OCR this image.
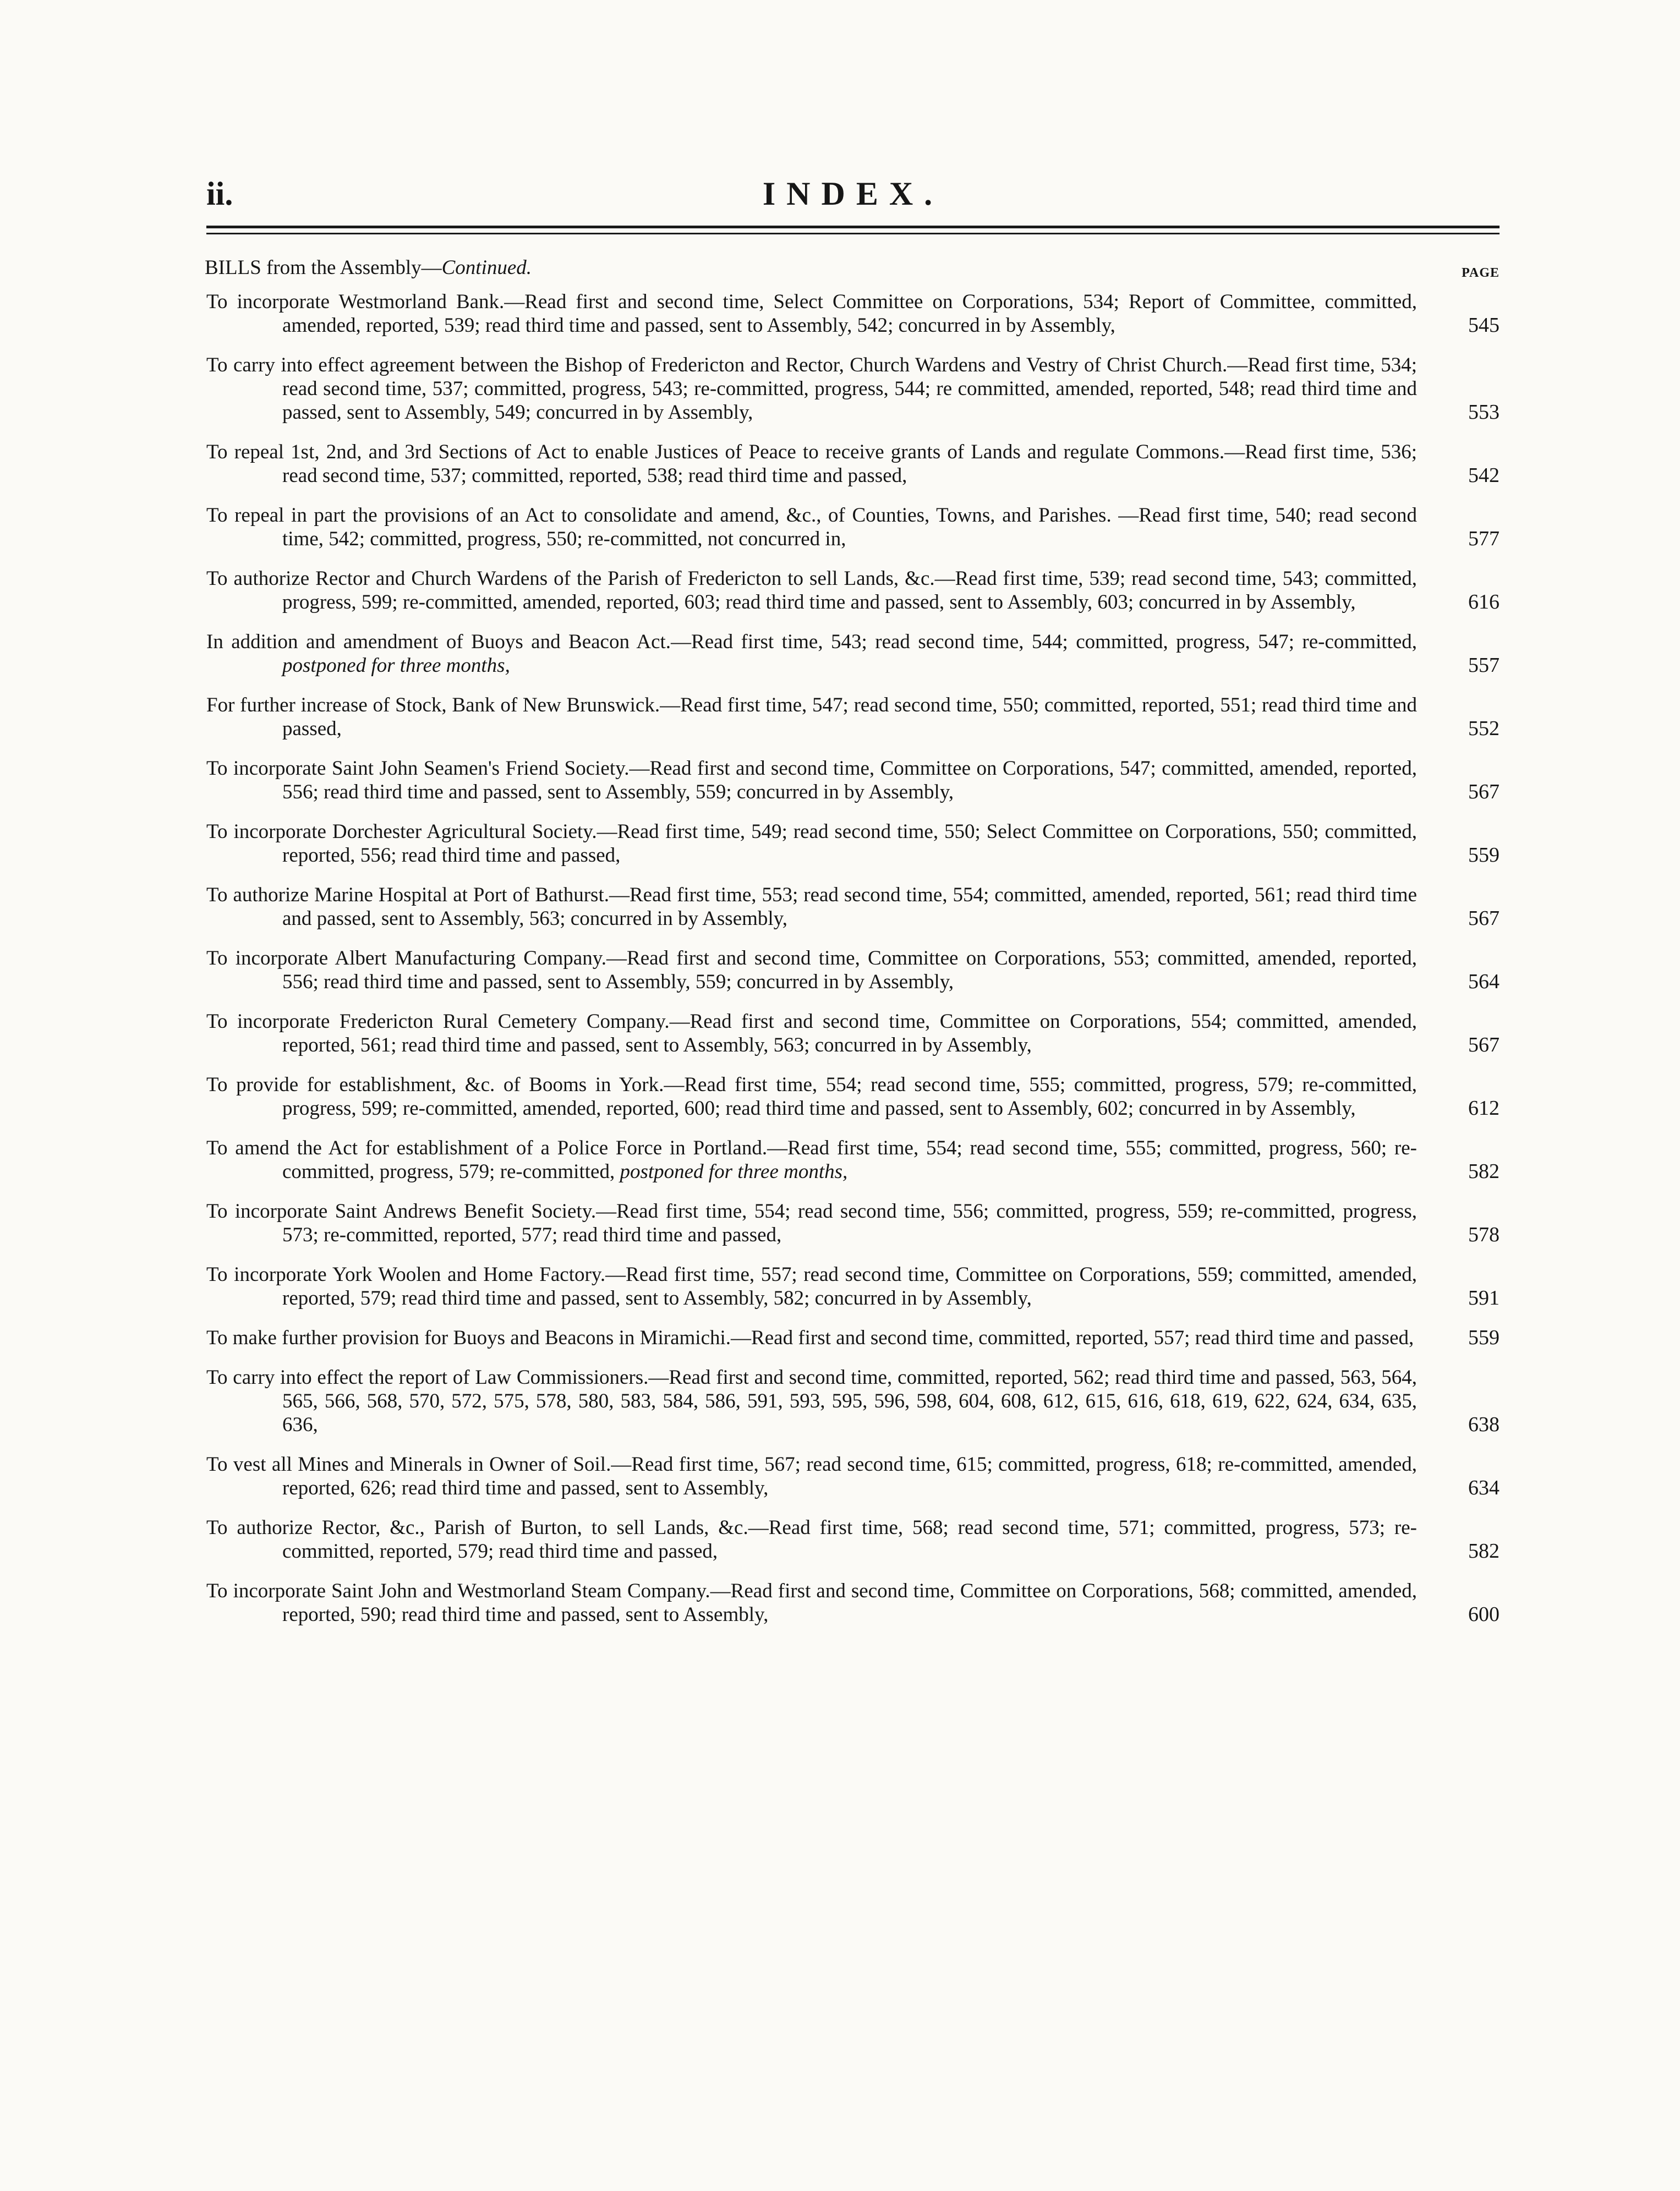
ii.	INDEX.
BILLS from the Assembly—Continued.	PAGE
To incorporate Westmorland Bank.—Read first and second time, Select Committee on Corporations, 534; Report of Committee, committed, amended, reported, 539; read third time and passed, sent to Assembly, 542; concurred in by Assembly,	545
To carry into effect agreement between the Bishop of Fredericton and Rector, Church Wardens and Vestry of Christ Church.—Read first time, 534; read second time, 537; committed, progress, 543; re-committed, progress, 544; re committed, amended, reported, 548; read third time and passed, sent to Assembly, 549; concurred in by Assembly,	553
To repeal 1st, 2nd, and 3rd Sections of Act to enable Justices of Peace to receive grants of Lands and regulate Commons.—Read first time, 536; read second time, 537; committed, reported, 538; read third time and passed,	542
To repeal in part the provisions of an Act to consolidate and amend, &c., of Counties, Towns, and Parishes. —Read first time, 540; read second time, 542; committed, progress, 550; re-committed, not concurred in,	577
To authorize Rector and Church Wardens of the Parish of Fredericton to sell Lands, &c.—Read first time, 539; read second time, 543; committed, progress, 599; re-committed, amended, reported, 603; read third time and passed, sent to Assembly, 603; concurred in by Assembly,	616
In addition and amendment of Buoys and Beacon Act.—Read first time, 543; read second time, 544; committed, progress, 547; re-committed, postponed for three months,	557
For further increase of Stock, Bank of New Brunswick.—Read first time, 547; read second time, 550; committed, reported, 551; read third time and passed,	552
To incorporate Saint John Seamen's Friend Society.—Read first and second time, Committee on Corporations, 547; committed, amended, reported, 556; read third time and passed, sent to Assembly, 559; concurred in by Assembly,	567
To incorporate Dorchester Agricultural Society.—Read first time, 549; read second time, 550; Select Committee on Corporations, 550; committed, reported, 556; read third time and passed,	559
To authorize Marine Hospital at Port of Bathurst.—Read first time, 553; read second time, 554; committed, amended, reported, 561; read third time and passed, sent to Assembly, 563; concurred in by Assembly,	567
To incorporate Albert Manufacturing Company.—Read first and second time, Committee on Corporations, 553; committed, amended, reported, 556; read third time and passed, sent to Assembly, 559; concurred in by Assembly,	564
To incorporate Fredericton Rural Cemetery Company.—Read first and second time, Committee on Corporations, 554; committed, amended, reported, 561; read third time and passed, sent to Assembly, 563; concurred in by Assembly,	567
To provide for establishment, &c. of Booms in York.—Read first time, 554; read second time, 555; committed, progress, 579; re-committed, progress, 599; re-committed, amended, reported, 600; read third time and passed, sent to Assembly, 602; concurred in by Assembly,	612
To amend the Act for establishment of a Police Force in Portland.—Read first time, 554; read second time, 555; committed, progress, 560; re-committed, progress, 579; re-committed, postponed for three months,	582
To incorporate Saint Andrews Benefit Society.—Read first time, 554; read second time, 556; committed, progress, 559; re-committed, progress, 573; re-committed, reported, 577; read third time and passed,	578
To incorporate York Woolen and Home Factory.—Read first time, 557; read second time, Committee on Corporations, 559; committed, amended, reported, 579; read third time and passed, sent to Assembly, 582; concurred in by Assembly,	591
To make further provision for Buoys and Beacons in Miramichi.—Read first and second time, committed, reported, 557; read third time and passed,	559
To carry into effect the report of Law Commissioners.—Read first and second time, committed, reported, 562; read third time and passed, 563, 564, 565, 566, 568, 570, 572, 575, 578, 580, 583, 584, 586, 591, 593, 595, 596, 598, 604, 608, 612, 615, 616, 618, 619, 622, 624, 634, 635, 636,	638
To vest all Mines and Minerals in Owner of Soil.—Read first time, 567; read second time, 615; committed, progress, 618; re-committed, amended, reported, 626; read third time and passed, sent to Assembly,	634
To authorize Rector, &c., Parish of Burton, to sell Lands, &c.—Read first time, 568; read second time, 571; committed, progress, 573; re-committed, reported, 579; read third time and passed,	582
To incorporate Saint John and Westmorland Steam Company.—Read first and second time, Committee on Corporations, 568; committed, amended, reported, 590; read third time and passed, sent to Assembly,	600
